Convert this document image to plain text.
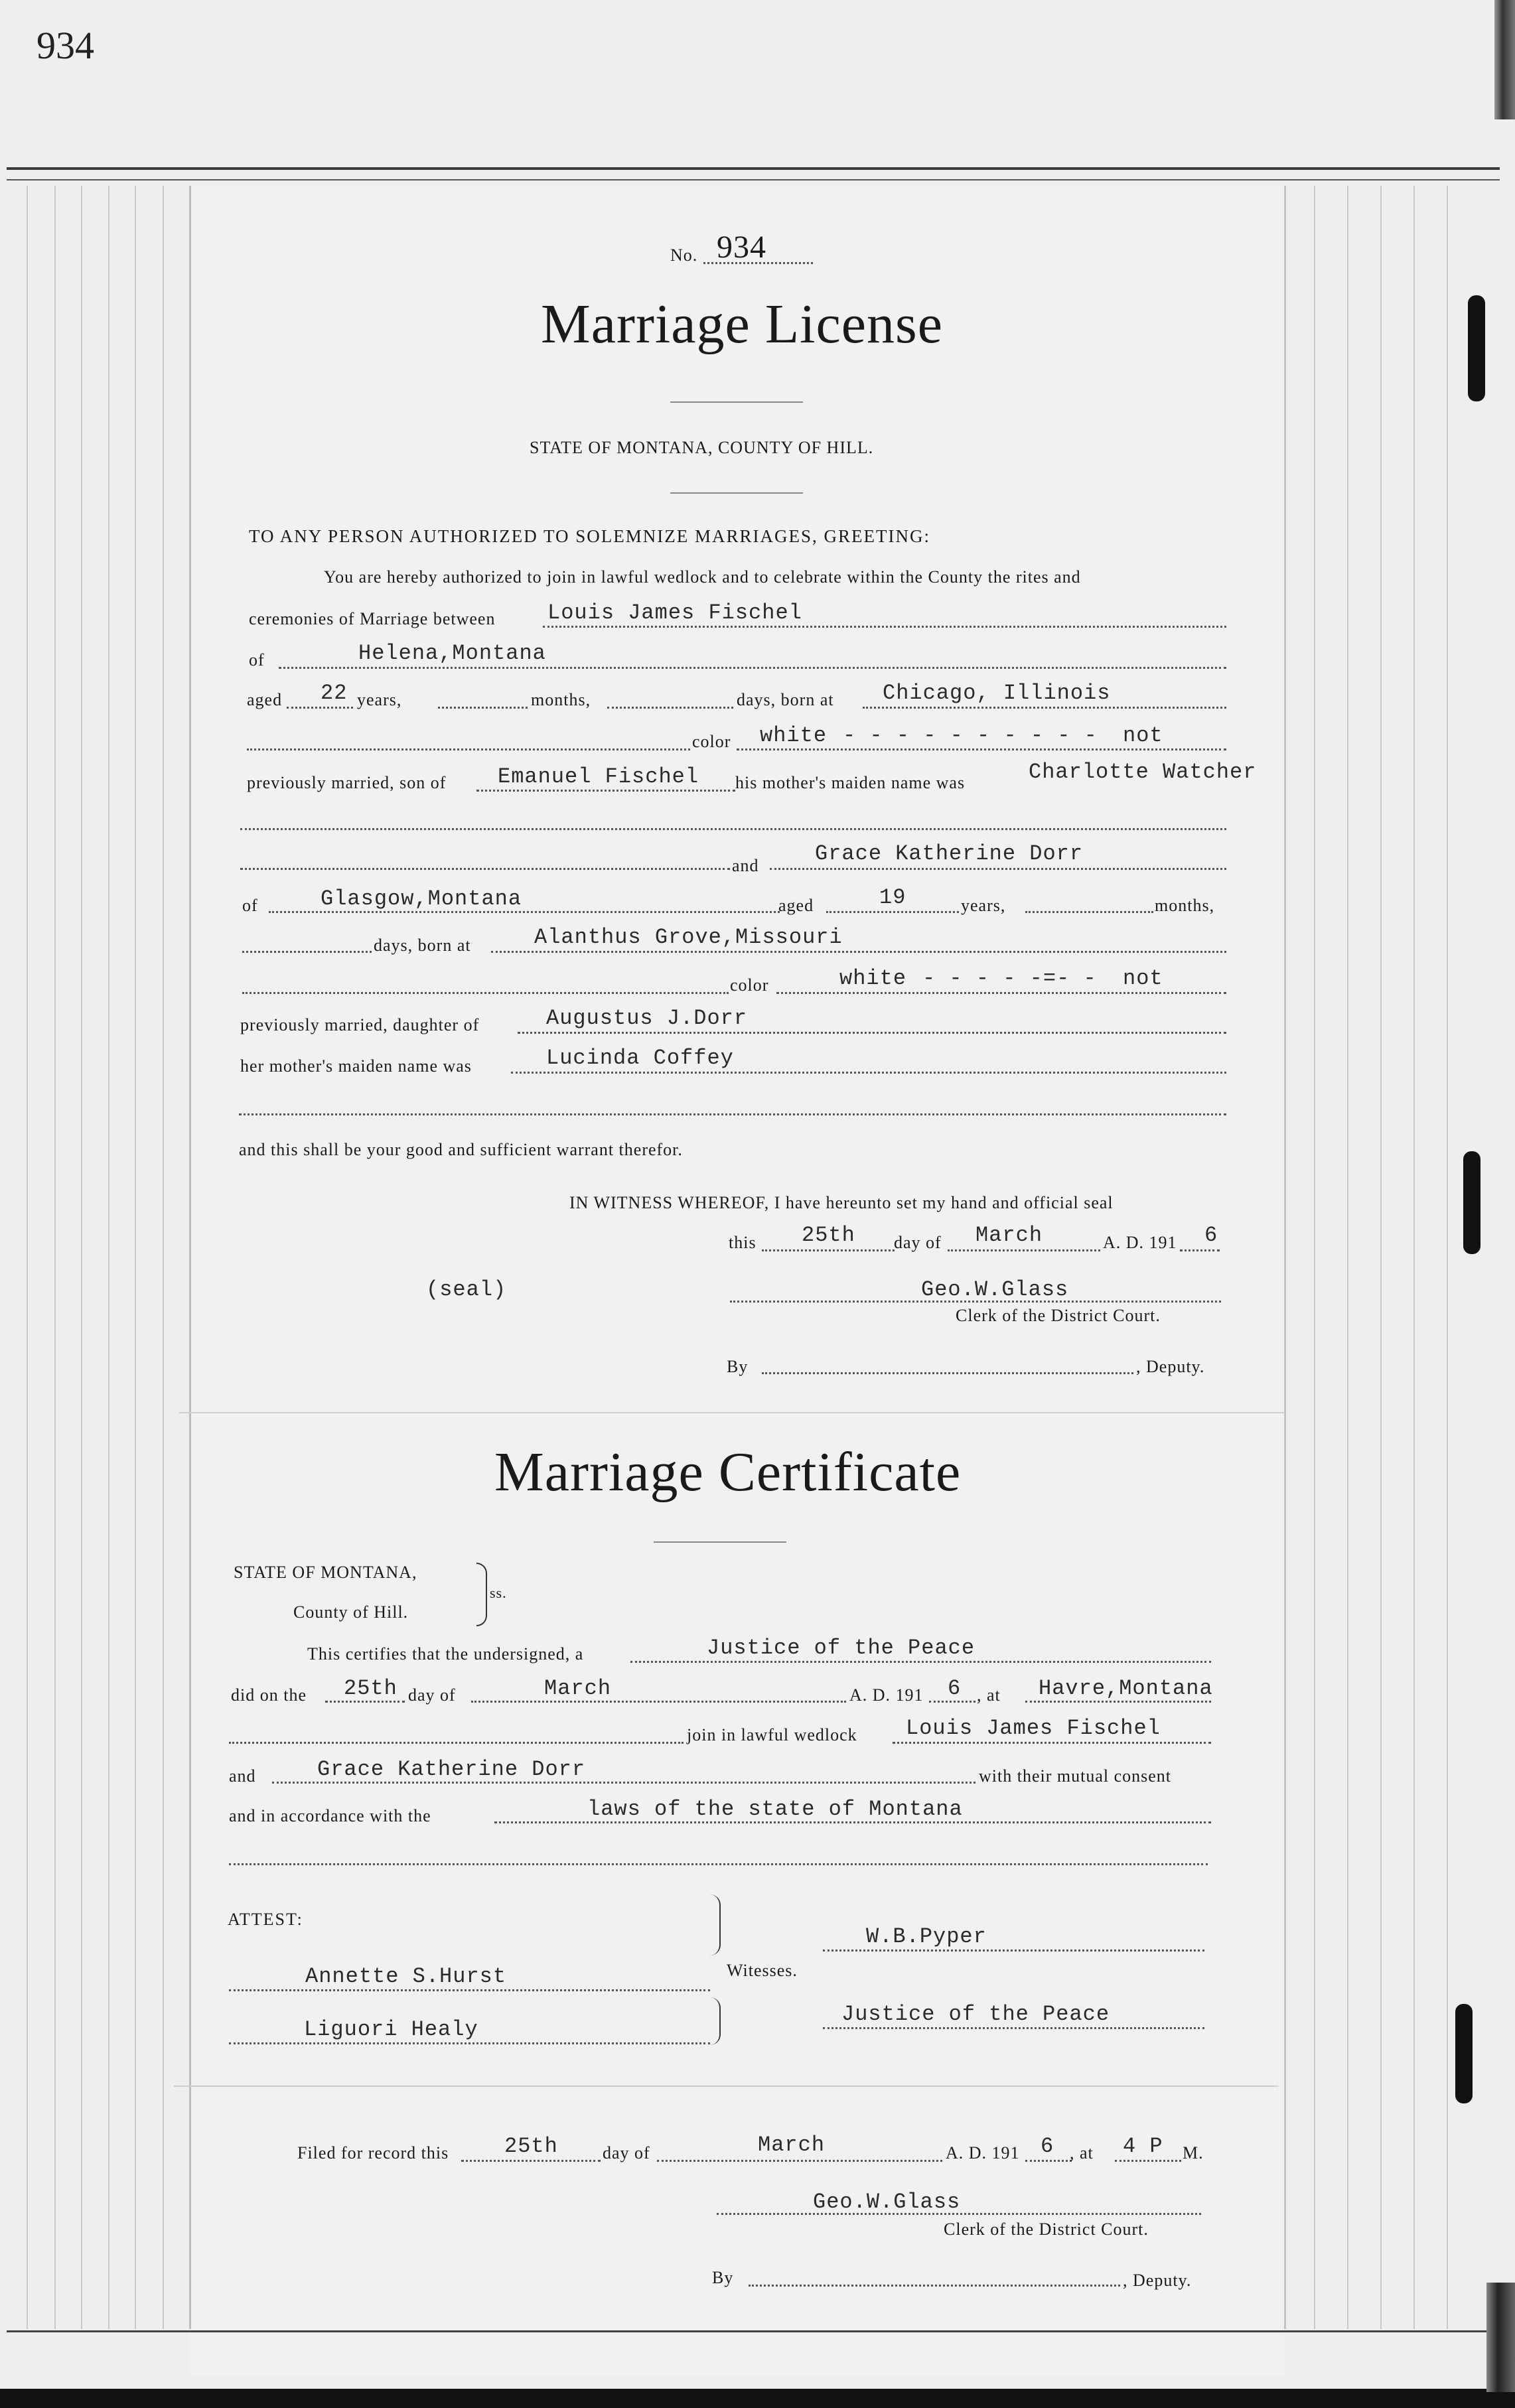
934
No. 934
Marriage License
STATE OF MONTANA, COUNTY OF HILL.
TO ANY PERSON AUTHORIZED TO SOLEMNIZE MARRIAGES, GREETING:
You are hereby authorized to join in lawful wedlock and to celebrate within the County the rites and
ceremonies of Marriage between Louis James Fischel
of	Helena,Montana
aged 22 years,	months,	days, born at Chicago, Illinois
color white - - - - - - - - - - not
previously married, son of Emanuel Fischel his mother's maiden name was	Charlotte Watcher
and	Grace Katherine Dorr
of	Glasgow,Montana	aged	19	years,	months,
days, born at	Alanthus Grove,Missouri
color	white - - - - -=- - not
previously married, daughter of	Augustus J.Dorr
her mother's maiden name was	Lucinda Coffey
and this shall be your good and sufficient warrant therefor.
IN WITNESS WHEREOF, I have hereunto set my hand and official seal
this 25th day of March	A. D. 191 6
(seal)	Geo.W.Glass
Clerk of the District Court.
By	, Deputy.
Marriage Certificate
STATE OF MONTANA,
County of Hill.
ss.
This certifies that the undersigned, a	Justice of the Peace
did on the 25th day of	March	A. D. 191 6 , at Havre,Montana
join in lawful wedlock Louis James Fischel
and	Grace Katherine Dorr	with their mutual consent
and in accordance with the	laws of the state of Montana
ATTEST:
Witesses.
W.B.Pyper
Annette S.Hurst
Liguori Healy
Justice of the Peace
Filed for record this	25th	day of	March	A. D. 191 6 , at 4 P M.
Geo.W.Glass
Clerk of the District Court.
By	, Deputy.
